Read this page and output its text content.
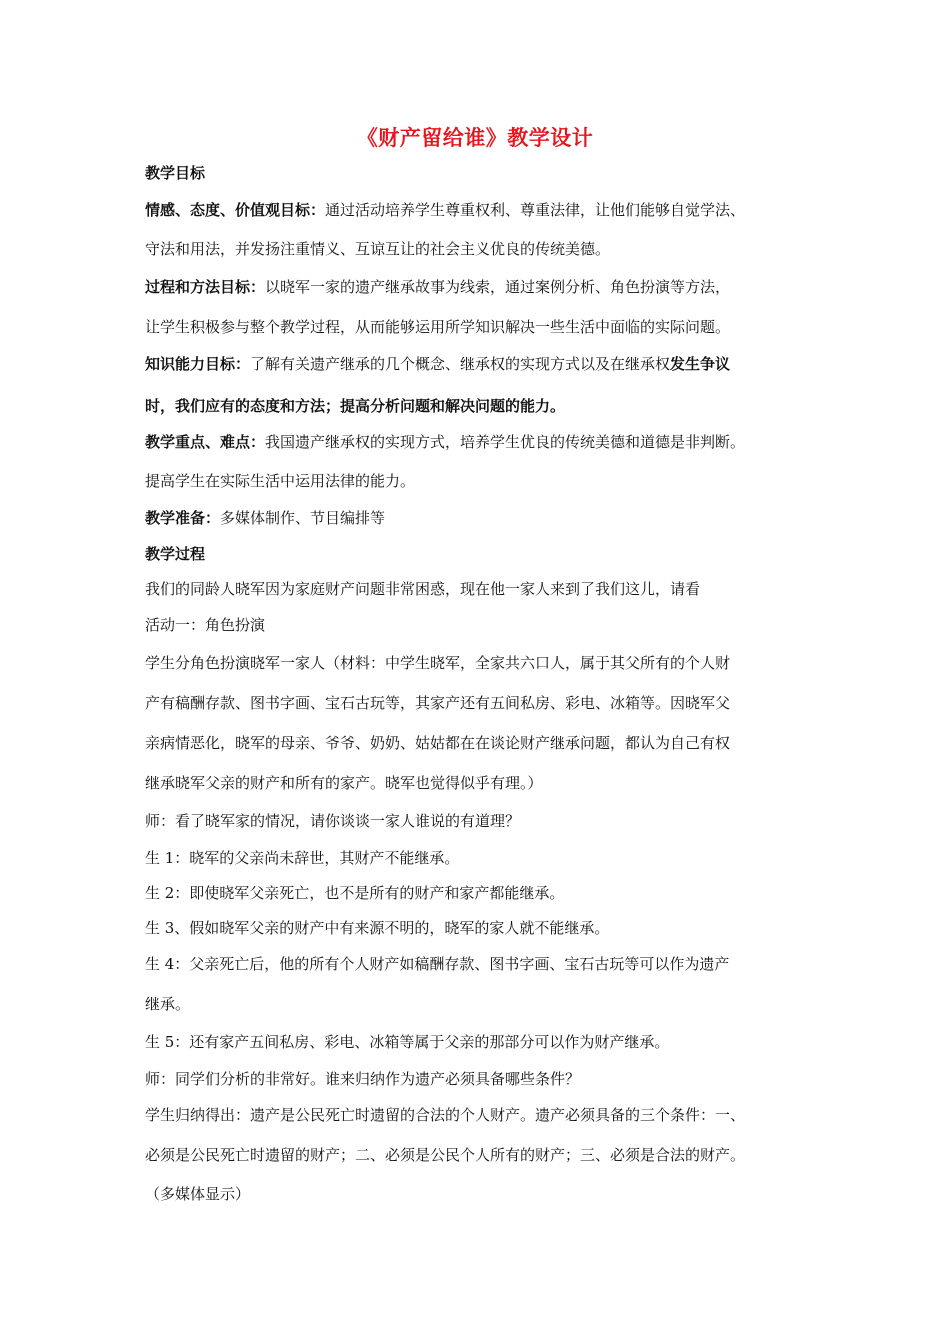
《财产留给谁》教学设计
教学目标
情感、态度、价值观目标：通过活动培养学生尊重权利、尊重法律，让他们能够自觉学法、
守法和用法，并发扬注重情义、互谅互让的社会主义优良的传统美德。
过程和方法目标：以晓军一家的遗产继承故事为线索，通过案例分析、角色扮演等方法，
让学生积极参与整个教学过程，从而能够运用所学知识解决一些生活中面临的实际问题。
知识能力目标：了解有关遗产继承的几个概念、继承权的实现方式以及在继承权发生争议
时，我们应有的态度和方法；提高分析问题和解决问题的能力。
教学重点、难点：我国遗产继承权的实现方式，培养学生优良的传统美德和道德是非判断。
提高学生在实际生活中运用法律的能力。
教学准备：多媒体制作、节目编排等
教学过程
我们的同龄人晓军因为家庭财产问题非常困惑，现在他一家人来到了我们这儿，请看
活动一：角色扮演
学生分角色扮演晓军一家人（材料：中学生晓军，全家共六口人，属于其父所有的个人财
产有稿酬存款、图书字画、宝石古玩等，其家产还有五间私房、彩电、冰箱等。因晓军父
亲病情恶化，晓军的母亲、爷爷、奶奶、姑姑都在在谈论财产继承问题，都认为自己有权
继承晓军父亲的财产和所有的家产。晓军也觉得似乎有理。）
师：看了晓军家的情况，请你谈谈一家人谁说的有道理？
生 1：晓军的父亲尚未辞世，其财产不能继承。
生 2：即使晓军父亲死亡，也不是所有的财产和家产都能继承。
生 3、假如晓军父亲的财产中有来源不明的，晓军的家人就不能继承。
生 4：父亲死亡后，他的所有个人财产如稿酬存款、图书字画、宝石古玩等可以作为遗产
继承。
生 5：还有家产五间私房、彩电、冰箱等属于父亲的那部分可以作为财产继承。
师：同学们分析的非常好。谁来归纳作为遗产必须具备哪些条件？
学生归纳得出：遗产是公民死亡时遗留的合法的个人财产。遗产必须具备的三个条件：一、
必须是公民死亡时遗留的财产；二、必须是公民个人所有的财产；三、必须是合法的财产。
（多媒体显示）
